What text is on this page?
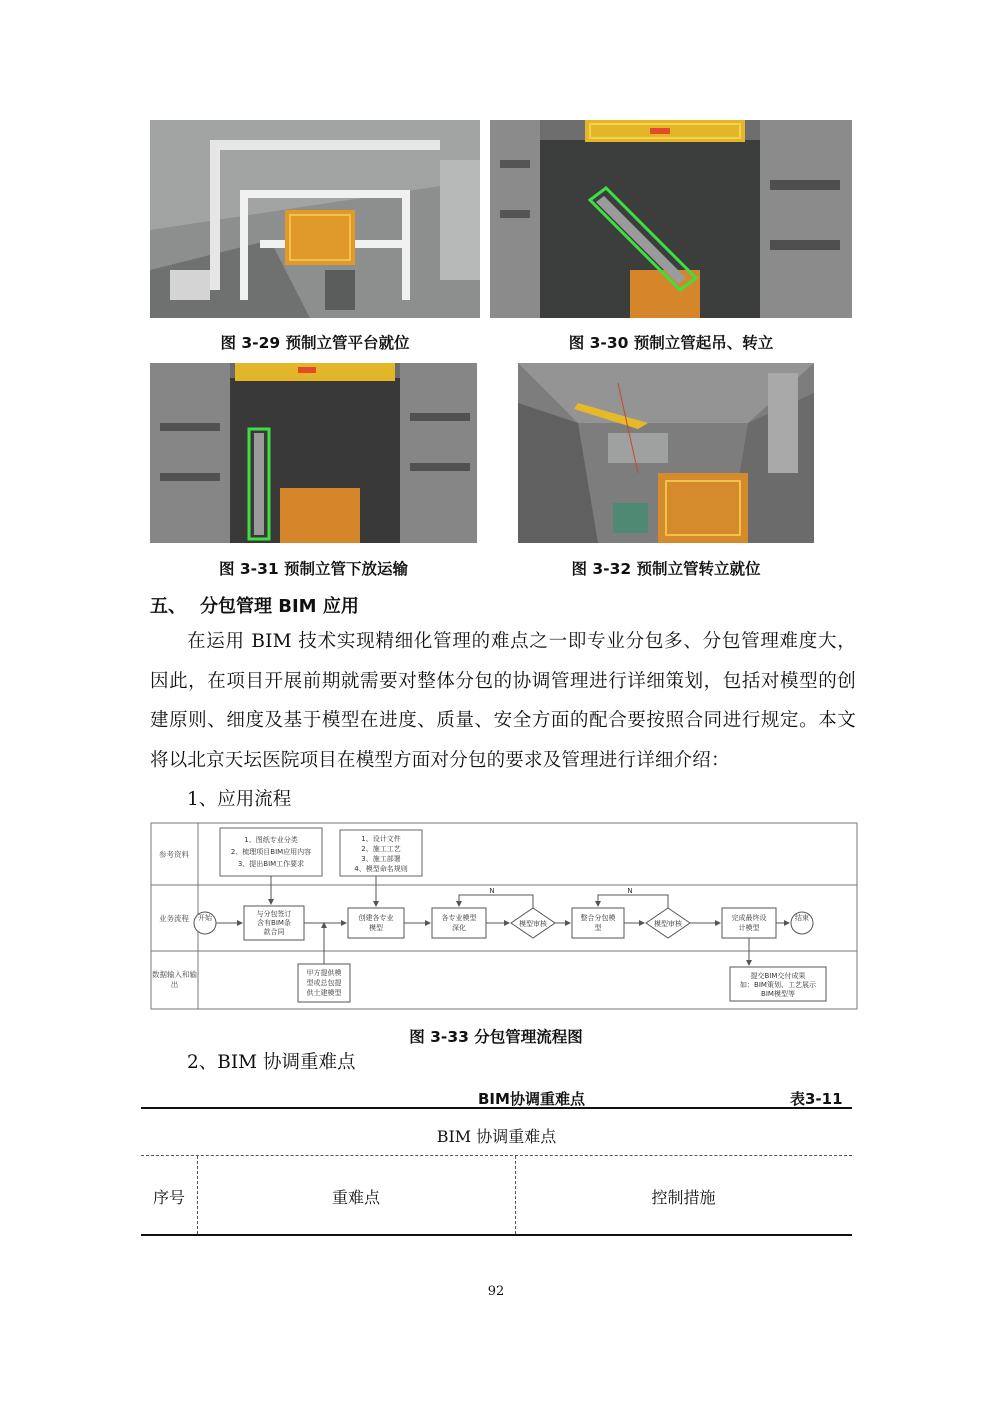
图 3-29 预制立管平台就位	图 3-30 预制立管起吊、转立
图 3-31 预制立管下放运输	图 3-32 预制立管转立就位
五、 分包管理 BIM 应用
在运用 BIM 技术实现精细化管理的难点之一即专业分包多、分包管理难度大，因此，在项目开展前期就需要对整体分包的协调管理进行详细策划，包括对模型的创建原则、细度及基于模型在进度、质量、安全方面的配合要按照合同进行规定。本文将以北京天坛医院项目在模型方面对分包的要求及管理进行详细介绍：
1、应用流程
参考资料
业务流程
数据输入和输出
1、图纸专业分类
2、梳理项目BIM应用内容
3、提出BIM工作要求
1、设计文件
2、施工工艺
3、施工部署
4、模型命名规则
开始	与分包签订
含有BIM条
款合同
创建各专业
模型
各专业模型
深化	模型审核
整合分包模
型	模型审核
完成最终设
计模型
结束
N	N
甲方提供模
型或总包提
供土建模型
提交BIM交付成果
如：BIM策划、工艺展示
BIM模型等
图 3-33 分包管理流程图
2、BIM 协调重难点
BIM协调重难点	表3-11
BIM 协调重难点
序号	重难点	控制措施
92
